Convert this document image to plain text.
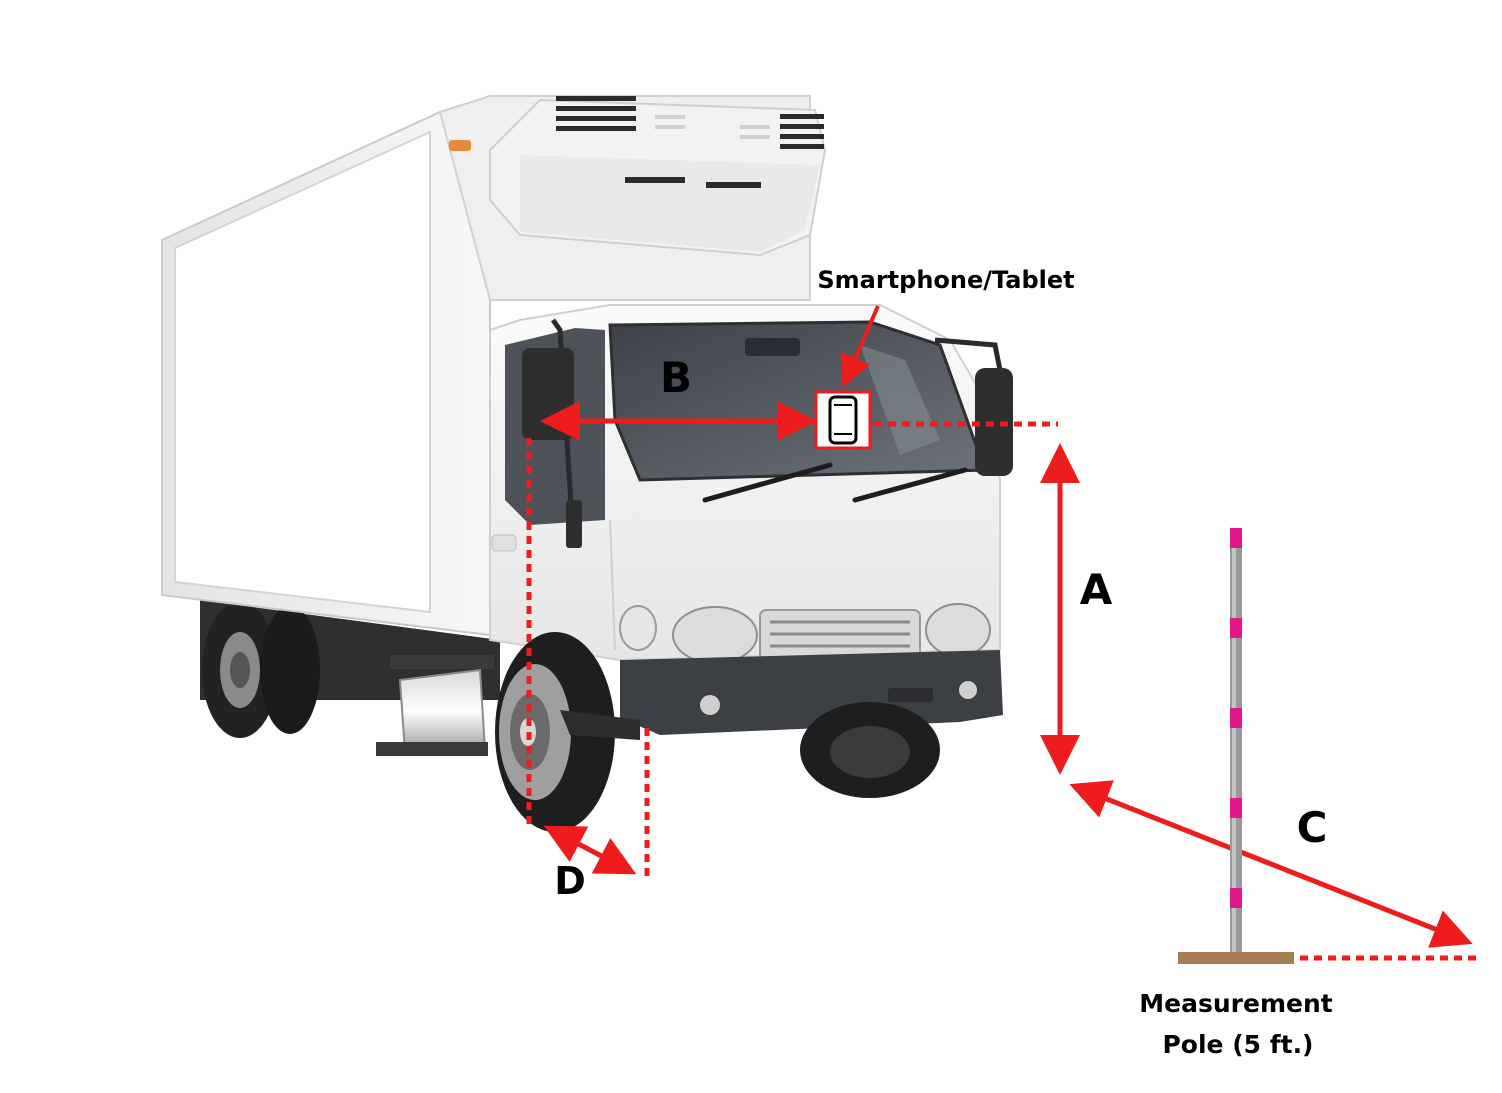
Smartphone/Tablet
B
A
C
D
Measurement
Pole (5 ft.)
